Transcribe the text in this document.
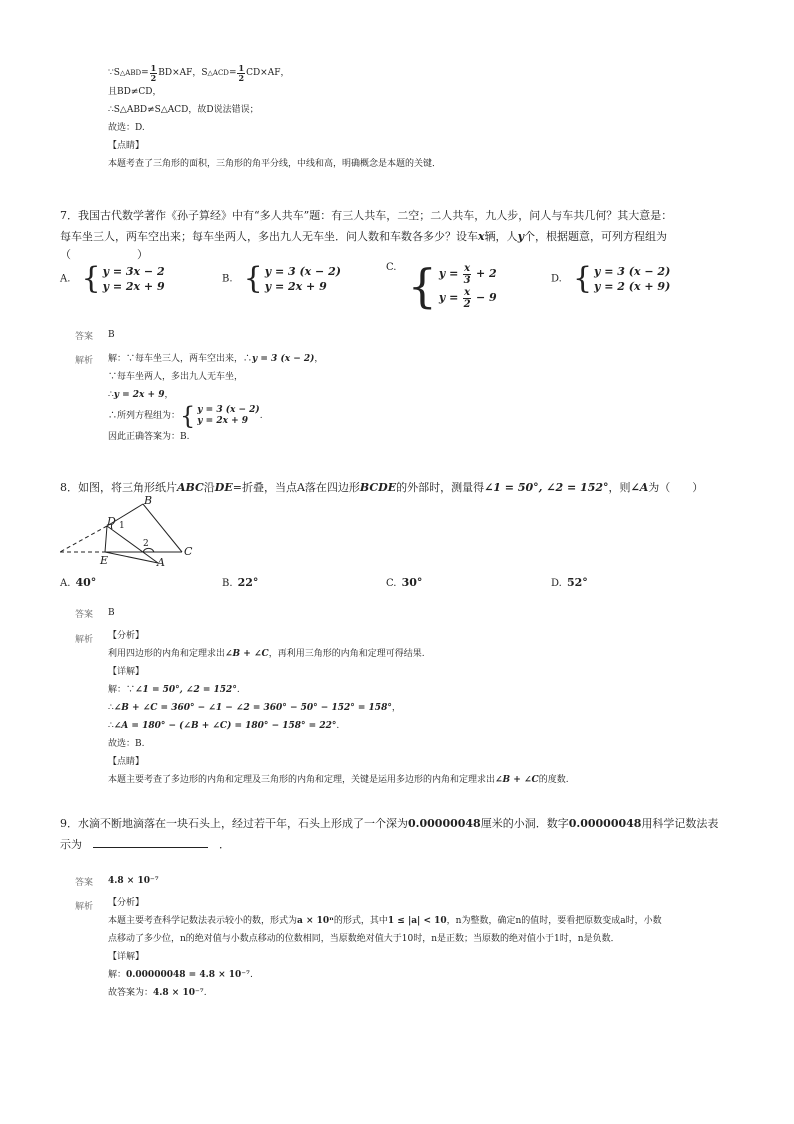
∵S △ABD = $\frac{1}{2} BD\times AF$，S △ACD = $\frac{1}{2} CD\times AF$，
且BD≠CD，
∴S△ABD≠S△ACD，故D说法错误；
故选：D.
【点睛】
本题考查了三角形的面积，三角形的角平分线，中线和高，明确概念是本题的关键．
7．我国古代数学著作《孙子算经》中有“多人共车”题：有三人共车，二空；二人共车，九人步，问人与车共几何？其大意是：
每车坐三人，两车空出来；每车坐两人，多出九人无车坐．问人数和车数各多少？设车x辆，人y个，根据题意，可列方程组为
（　　　　　　）
A. { y = 3x − 2
y = 2x + 9
B. { y = 3 (x − 2)
y = 2x + 9
$^{C.}$ { $y = \frac{x}{3} + 2$
$y = \frac{x}{2} - 9$
D. { y = 3 (x − 2)
y = 2 (x + 9)
答案 B
解析 解：∵每车坐三人，两车空出来，∴y = 3 (x − 2)，
∵每车坐两人，多出九人无车坐，
∴y = 2x + 9，
∴所列方程组为： { y = 3 (x − 2)
y = 2x + 9	.
因此正确答案为：B.
8．如图，将三角形纸片ABC沿DE=折叠，当点A落在四边形BCDE的外部时，测量得∠1 = 50°, ∠2 = 152°，则∠A为（　　）
B
D
E	A
C
1
2
A. 40°	B. 22°	C. 30°	D. 52°
答案 B
解析 【分析】
利用四边形的内角和定理求出∠B + ∠C，再利用三角形的内角和定理可得结果.
【详解】
解：∵∠1 = 50°, ∠2 = 152°.
∴∠B + ∠C = 360° − ∠1 − ∠2 = 360° − 50° − 152° = 158°，
∴∠A = 180° − (∠B + ∠C) = 180° − 158° = 22°.
故选：B.
【点睛】
本题主要考查了多边形的内角和定理及三角形的内角和定理，关键是运用多边形的内角和定理求出∠B + ∠C的度数.
9．水滴不断地滴落在一块石头上，经过若干年，石头上形成了一个深为0.00000048厘米的小洞．数字0.00000048用科学记数法表
示为　　	．
答案 4.8 × 10⁻⁷
解析 【分析】
本题主要考查科学记数法表示较小的数，形式为a × 10ⁿ的形式，其中1 ≤ |a| < 10，n为整数，确定n的值时，要看把原数变成a时，小数
点移动了多少位，n的绝对值与小数点移动的位数相同，当原数绝对值大于10时，n是正数；当原数的绝对值小于1时，n是负数．
【详解】
解：0.00000048 = 4.8 × 10⁻⁷.
故答案为：4.8 × 10⁻⁷.
